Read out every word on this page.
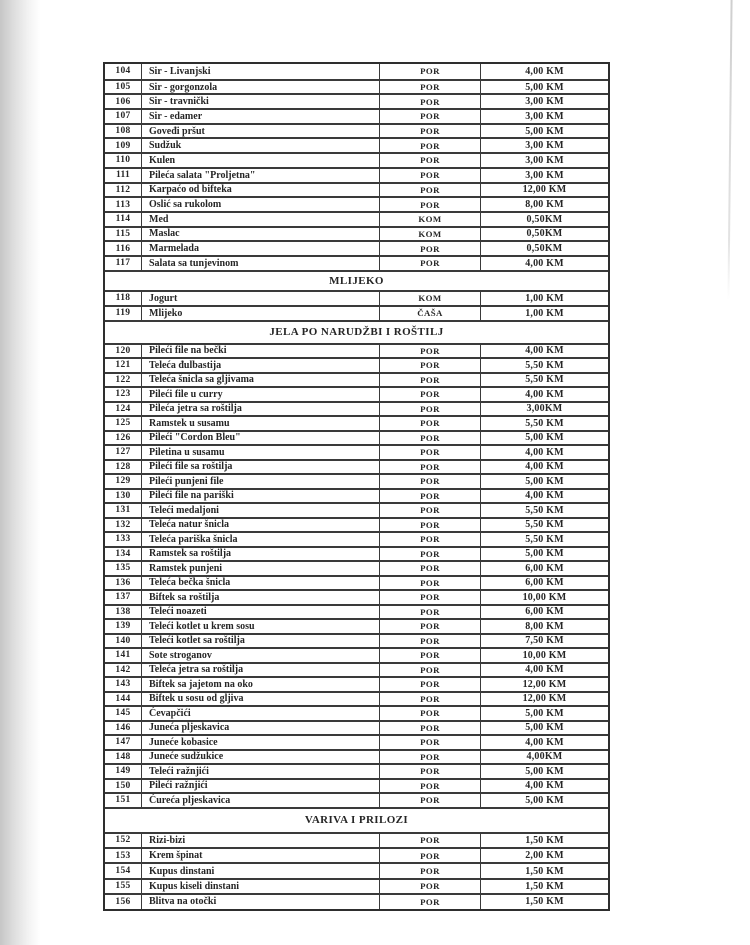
104	Sir - Livanjski	POR	4,00 KM
105	Sir - gorgonzola	POR	5,00 KM
106	Sir - travnički	POR	3,00 KM
107	Sir - edamer	POR	3,00 KM
108	Goveđi pršut	POR	5,00 KM
109	Sudžuk	POR	3,00 KM
110	Kulen	POR	3,00 KM
111	Pileća salata "Proljetna"	POR	3,00 KM
112	Karpaćo od bifteka	POR	12,00 KM
113	Oslić sa rukolom	POR	8,00 KM
114	Med	KOM	0,50KM
115	Maslac	KOM	0,50KM
116	Marmelada	POR	0,50KM
117	Salata sa tunjevinom	POR	4,00 KM
MLIJEKO
118	Jogurt	KOM	1,00 KM
119	Mlijeko	ČAŠA	1,00 KM
JELA PO NARUDŽBI I ROŠTILJ
120	Pileći file na bečki	POR	4,00 KM
121	Teleća đulbastija	POR	5,50 KM
122	Teleća šnicla sa gljivama	POR	5,50 KM
123	Pileći file u curry	POR	4,00 KM
124	Pileća jetra sa roštilja	POR	3,00KM
125	Ramstek u susamu	POR	5,50 KM
126	Pileći "Cordon Bleu"	POR	5,00 KM
127	Piletina u susamu	POR	4,00 KM
128	Pileći file sa roštilja	POR	4,00 KM
129	Pileći punjeni file	POR	5,00 KM
130	Pileći file na pariški	POR	4,00 KM
131	Teleći medaljoni	POR	5,50 KM
132	Teleća natur šnicla	POR	5,50 KM
133	Teleća pariška šnicla	POR	5,50 KM
134	Ramstek sa roštilja	POR	5,00 KM
135	Ramstek punjeni	POR	6,00 KM
136	Teleća bečka šnicla	POR	6,00 KM
137	Biftek sa roštilja	POR	10,00 KM
138	Teleći noazeti	POR	6,00 KM
139	Teleći kotlet u krem sosu	POR	8,00 KM
140	Teleći kotlet sa roštilja	POR	7,50 KM
141	Sote stroganov	POR	10,00 KM
142	Teleća jetra sa roštilja	POR	4,00 KM
143	Biftek sa jajetom na oko	POR	12,00 KM
144	Biftek u sosu od gljiva	POR	12,00 KM
145	Ćevapčići	POR	5,00 KM
146	Juneća pljeskavica	POR	5,00 KM
147	Juneće kobasice	POR	4,00 KM
148	Juneće sudžukice	POR	4,00KM
149	Teleći ražnjići	POR	5,00 KM
150	Pileći ražnjići	POR	4,00 KM
151	Ćureća pljeskavica	POR	5,00 KM
VARIVA I PRILOZI
152	Rizi-bizi	POR	1,50 KM
153	Krem špinat	POR	2,00 KM
154	Kupus dinstani	POR	1,50 KM
155	Kupus kiseli dinstani	POR	1,50 KM
156	Blitva na otočki	POR	1,50 KM
